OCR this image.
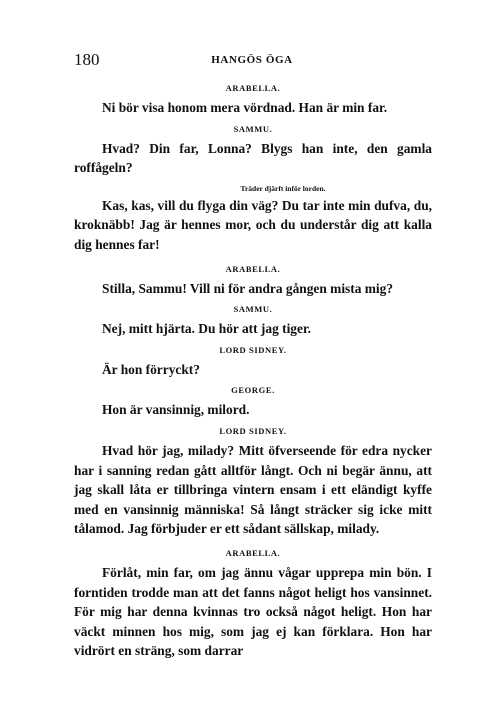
180	HANGÖS ÖGA
ARABELLA.

Ni bör visa honom mera vördnad. Han är min far.

SAMMU.

Hvad? Din far, Lonna? Blygs han inte, den gamla roffågeln?

Träder djärft inför lorden.

Kas, kas, vill du flyga din väg? Du tar inte min dufva, du, kroknäbb! Jag är hennes mor, och du understår dig att kalla dig hennes far!

ARABELLA.

Stilla, Sammu! Vill ni för andra gången mista mig?

SAMMU.

Nej, mitt hjärta. Du hör att jag tiger.

LORD SIDNEY.

Är hon förryckt?

GEORGE.

Hon är vansinnig, milord.

LORD SIDNEY.

Hvad hör jag, milady? Mitt öfverseende för edra nycker har i sanning redan gått alltför långt. Och ni begär ännu, att jag skall låta er tillbringa vintern ensam i ett eländigt kyffe med en vansinnig människa! Så långt sträcker sig icke mitt tålamod. Jag förbjuder er ett sådant sällskap, milady.

ARABELLA.

Förlåt, min far, om jag ännu vågar upprepa min bön. I forntiden trodde man att det fanns något heligt hos vansinnet. För mig har denna kvinnas tro också något heligt. Hon har väckt minnen hos mig, som jag ej kan förklara. Hon har vidrört en sträng, som darrar
